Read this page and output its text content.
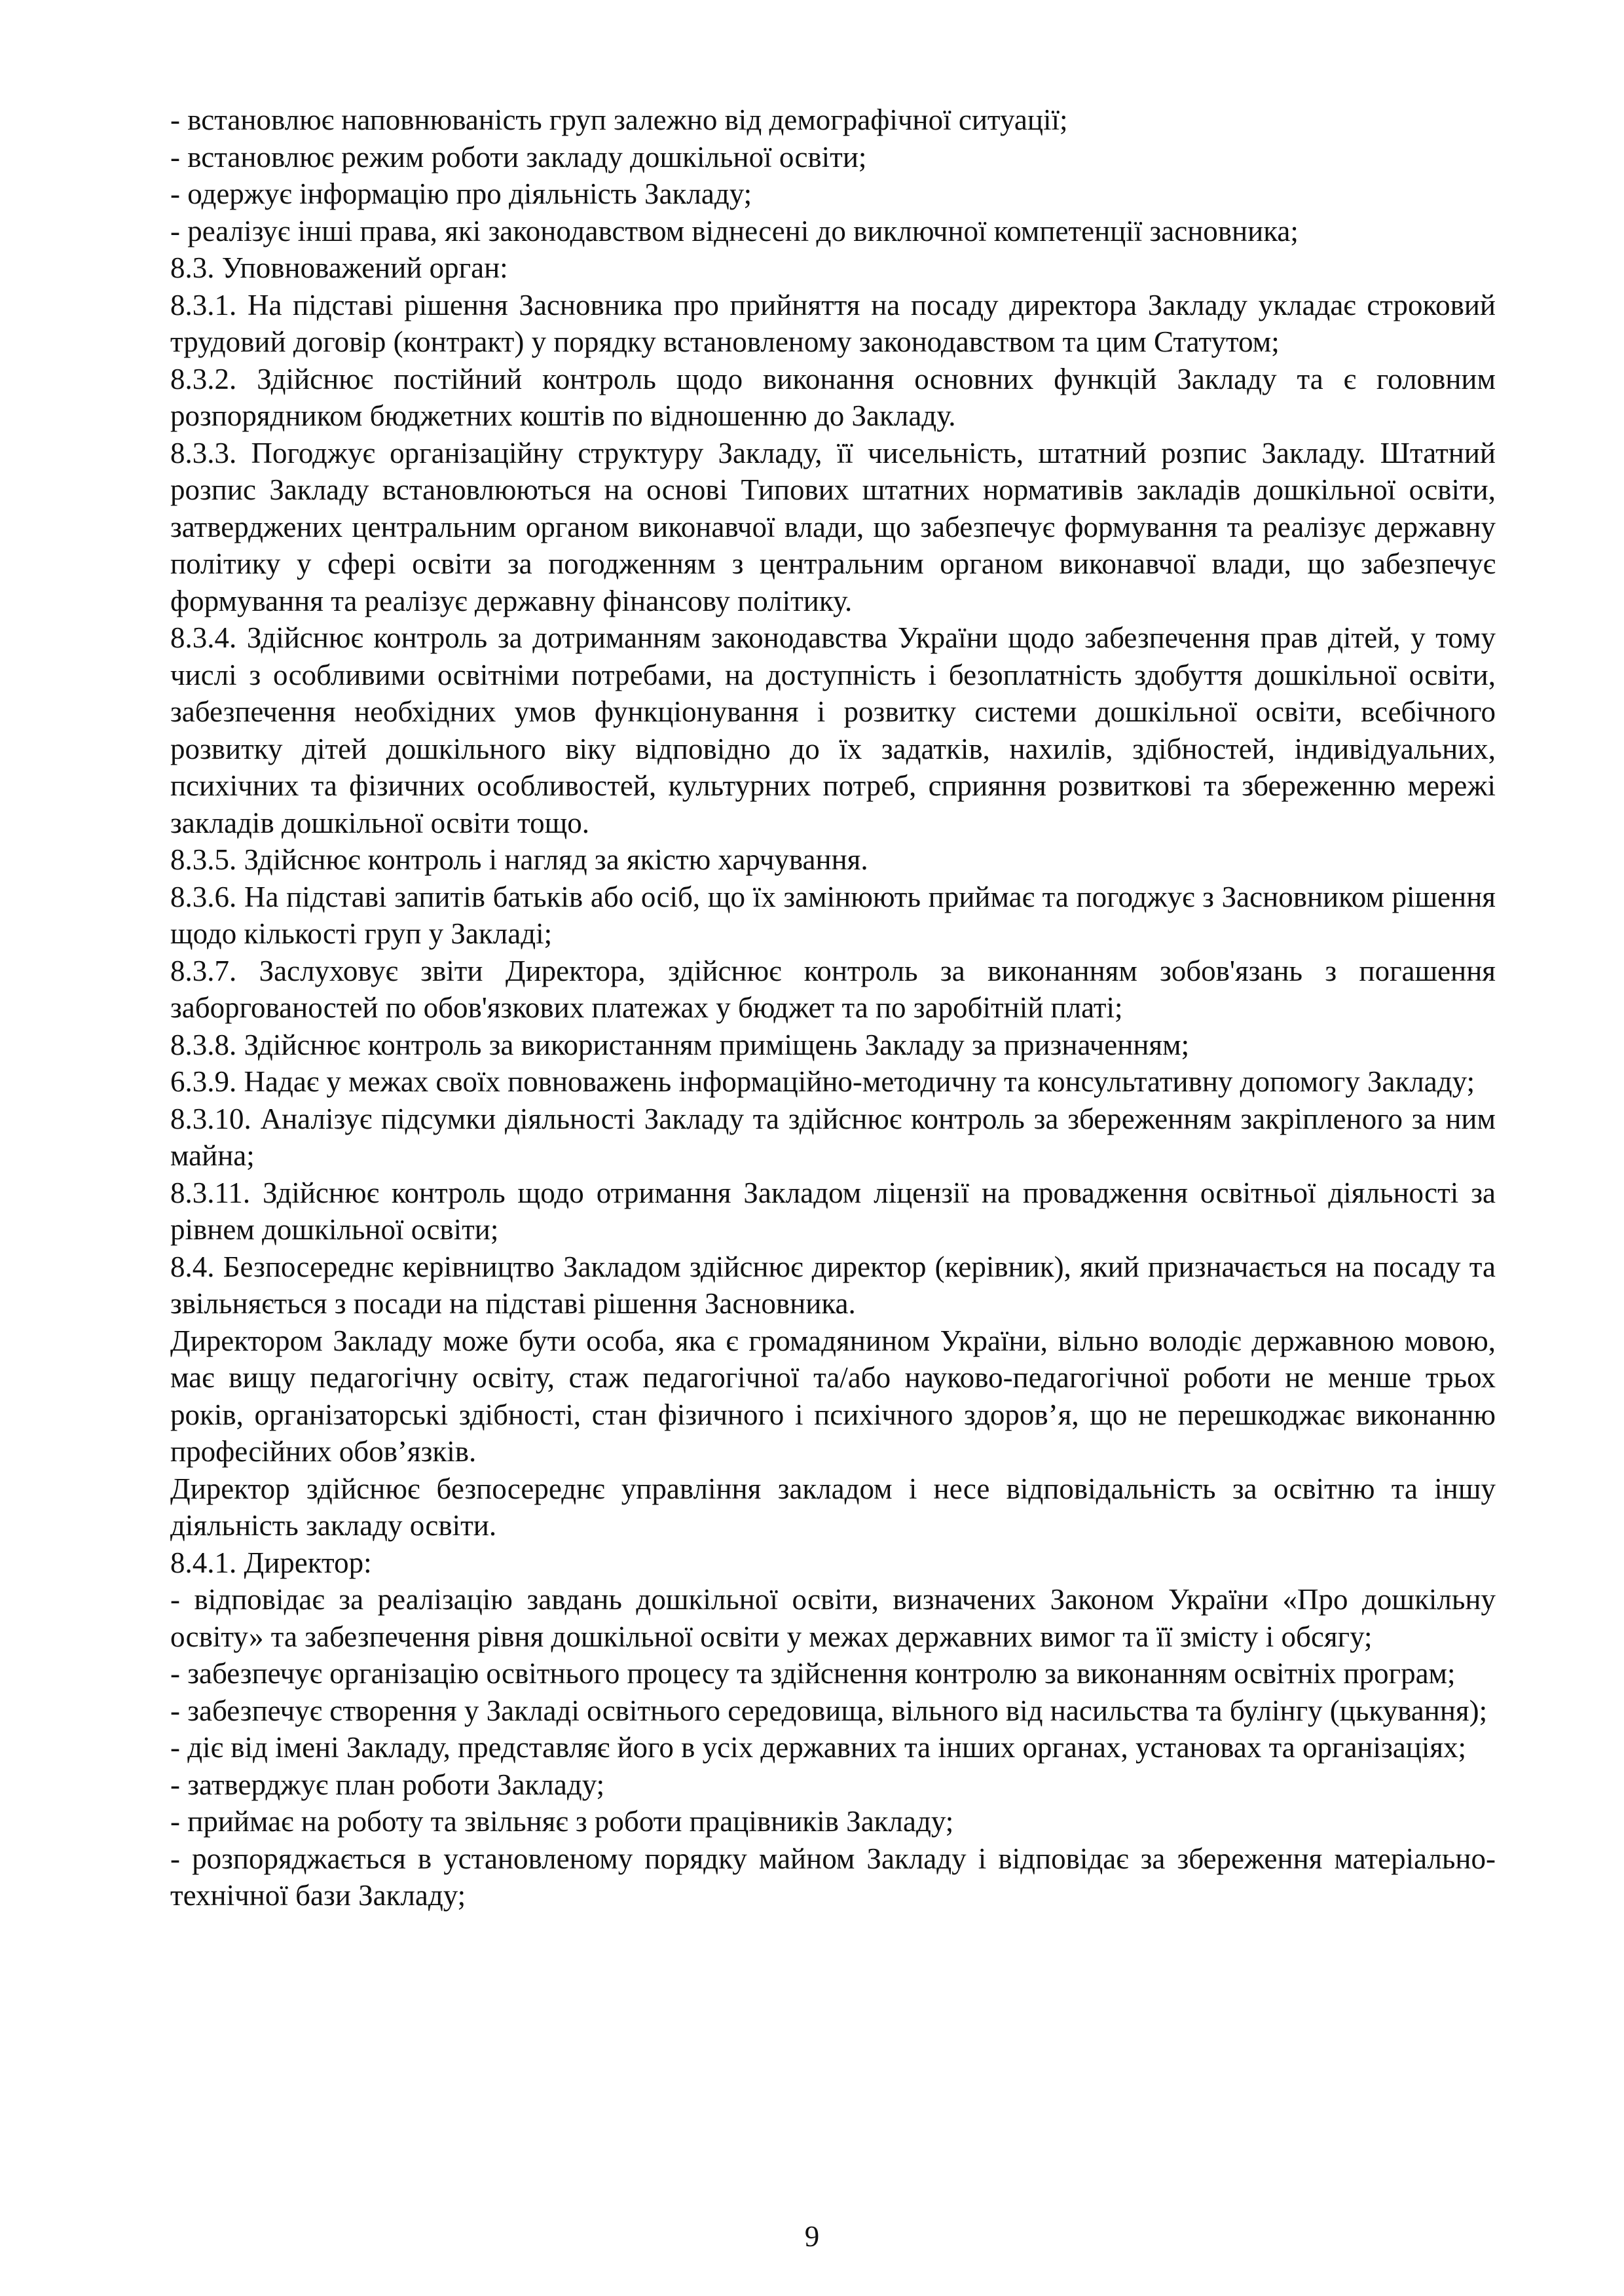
- встановлює наповнюваність груп залежно від демографічної ситуації;

- встановлює режим роботи закладу дошкільної освіти;

- одержує інформацію про діяльність Закладу;

- реалізує інші права, які законодавством віднесені до виключної компетенції засновника;

8.3. Уповноважений орган:

8.3.1. На підставі рішення Засновника про прийняття на посаду директора Закладу укладає строковий трудовий договір (контракт) у порядку встановленому законодавством та цим Статутом;

8.3.2. Здійснює постійний контроль щодо виконання основних функцій Закладу та є головним розпорядником бюджетних коштів по відношенню до Закладу.

8.3.3. Погоджує організаційну структуру Закладу, її чисельність, штатний розпис Закладу. Штатний розпис Закладу встановлюються на основі Типових штатних нормативів закладів дошкільної освіти, затверджених центральним органом виконавчої влади, що забезпечує формування та реалізує державну політику у сфері освіти за погодженням з центральним органом виконавчої влади, що забезпечує формування та реалізує державну фінансову політику.

8.3.4. Здійснює контроль за дотриманням законодавства України щодо забезпечення прав дітей, у тому числі з особливими освітніми потребами, на доступність і безоплатність здобуття дошкільної освіти, забезпечення необхідних умов функціонування і розвитку системи дошкільної освіти, всебічного розвитку дітей дошкільного віку відповідно до їх задатків, нахилів, здібностей, індивідуальних, психічних та фізичних особливостей, культурних потреб, сприяння розвиткові та збереженню мережі закладів дошкільної освіти тощо.

8.3.5. Здійснює контроль і нагляд за якістю харчування.

8.3.6. На підставі запитів батьків або осіб, що їх замінюють приймає та погоджує з Засновником рішення щодо кількості груп у Закладі;

8.3.7. Заслуховує звіти Директора, здійснює контроль за виконанням зобов'язань з погашення заборгованостей по обов'язкових платежах у бюджет та по заробітній платі;

8.3.8. Здійснює контроль за використанням приміщень Закладу за призначенням;

6.3.9. Надає у межах своїх повноважень інформаційно-методичну та консультативну допомогу Закладу;

8.3.10. Аналізує підсумки діяльності Закладу та здійснює контроль за збереженням закріпленого за ним майна;

8.3.11. Здійснює контроль щодо отримання Закладом ліцензії на провадження освітньої діяльності за рівнем дошкільної освіти;

8.4. Безпосереднє керівництво Закладом здійснює директор (керівник), який призначається на посаду та звільняється з посади на підставі рішення Засновника.

Директором Закладу може бути особа, яка є громадянином України, вільно володіє державною мовою, має вищу педагогічну освіту, стаж педагогічної та/або науково-педагогічної роботи не менше трьох років, організаторські здібності, стан фізичного і психічного здоров’я, що не перешкоджає виконанню професійних обов’язків.

Директор здійснює безпосереднє управління закладом і несе відповідальність за освітню та іншу діяльність закладу освіти.

8.4.1. Директор:

- відповідає за реалізацію завдань дошкільної освіти, визначених Законом України «Про дошкільну освіту» та забезпечення рівня дошкільної освіти у межах державних вимог та її змісту і обсягу;

- забезпечує організацію освітнього процесу та здійснення контролю за виконанням освітніх програм;

- забезпечує створення у Закладі освітнього середовища, вільного від насильства та булінгу (цькування);

- діє від імені Закладу, представляє його в усіх державних та інших органах, установах та організаціях;

- затверджує план роботи Закладу;

- приймає на роботу та звільняє з роботи працівників Закладу;

- розпоряджається в установленому порядку майном Закладу і відповідає за збереження матеріально-технічної бази Закладу;

9
